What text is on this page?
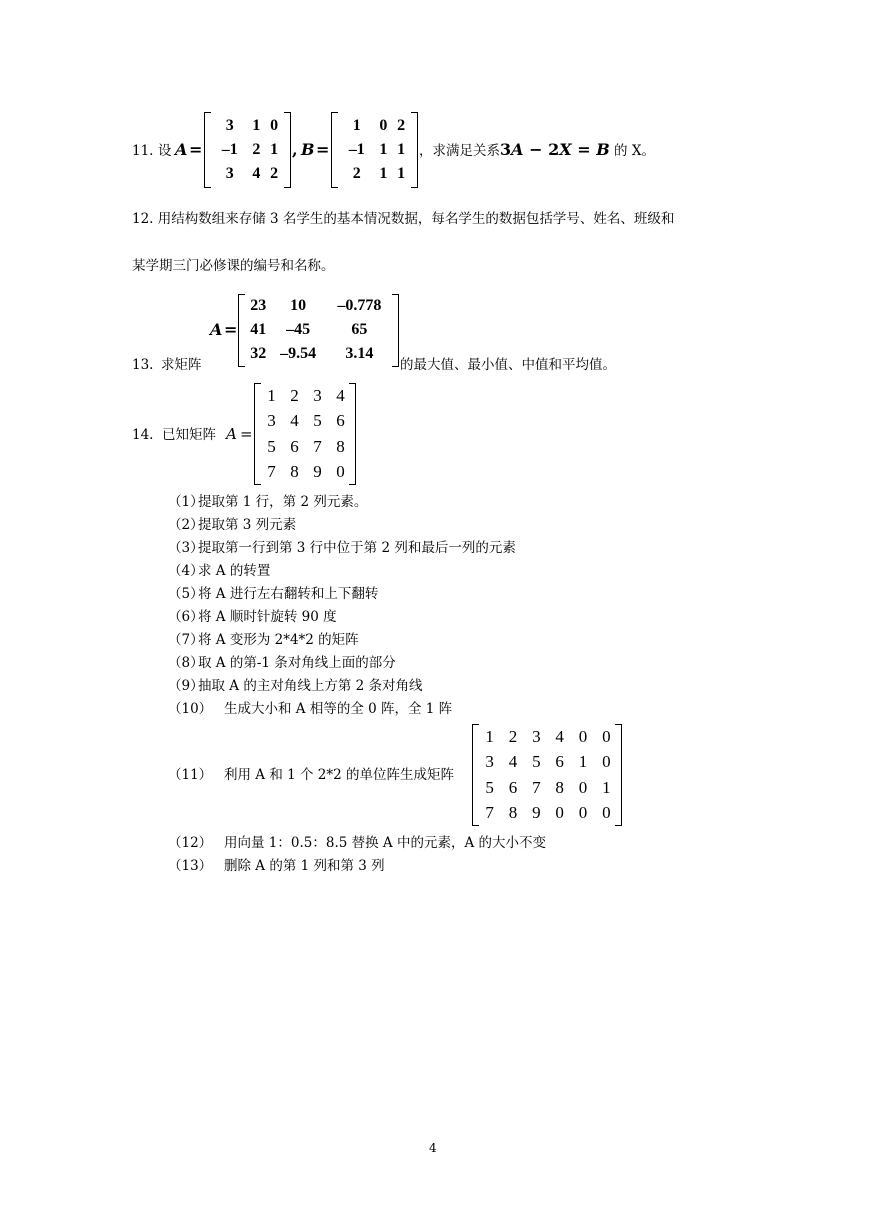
11. 设 A =
3	1	0
–1	2	1
3	4	2
, B =
1	0	2
–1	1	1
2	1	1
，求满足关系3A − 2X = B 的 X。
12. 用结构数组来存储 3 名学生的基本情况数据，每名学生的数据包括学号、姓名、班级和
某学期三门必修课的编号和名称。
13. 求矩阵
A =
23	10	–0.778
41	–45	65
32	–9.54	3.14
的最大值、最小值、中值和平均值。
14. 已知矩阵 A =
1	2	3	4
3	4	5	6
5	6	7	8
7	8	9	0
（1）提取第 1 行，第 2 列元素。
（2）提取第 3 列元素
（3）提取第一行到第 3 行中位于第 2 列和最后一列的元素
（4）求 A 的转置
（5）将 A 进行左右翻转和上下翻转
（6）将 A 顺时针旋转 90 度
（7）将 A 变形为 2*4*2 的矩阵
（8）取 A 的第-1 条对角线上面的部分
（9）抽取 A 的主对角线上方第 2 条对角线
（10） 生成大小和 A 相等的全 0 阵，全 1 阵
（11） 利用 A 和 1 个 2*2 的单位阵生成矩阵
1	2	3	4	0	0
3	4	5	6	1	0
5	6	7	8	0	1
7	8	9	0	0	0
（12） 用向量 1：0.5：8.5 替换 A 中的元素，A 的大小不变
（13） 删除 A 的第 1 列和第 3 列
4
